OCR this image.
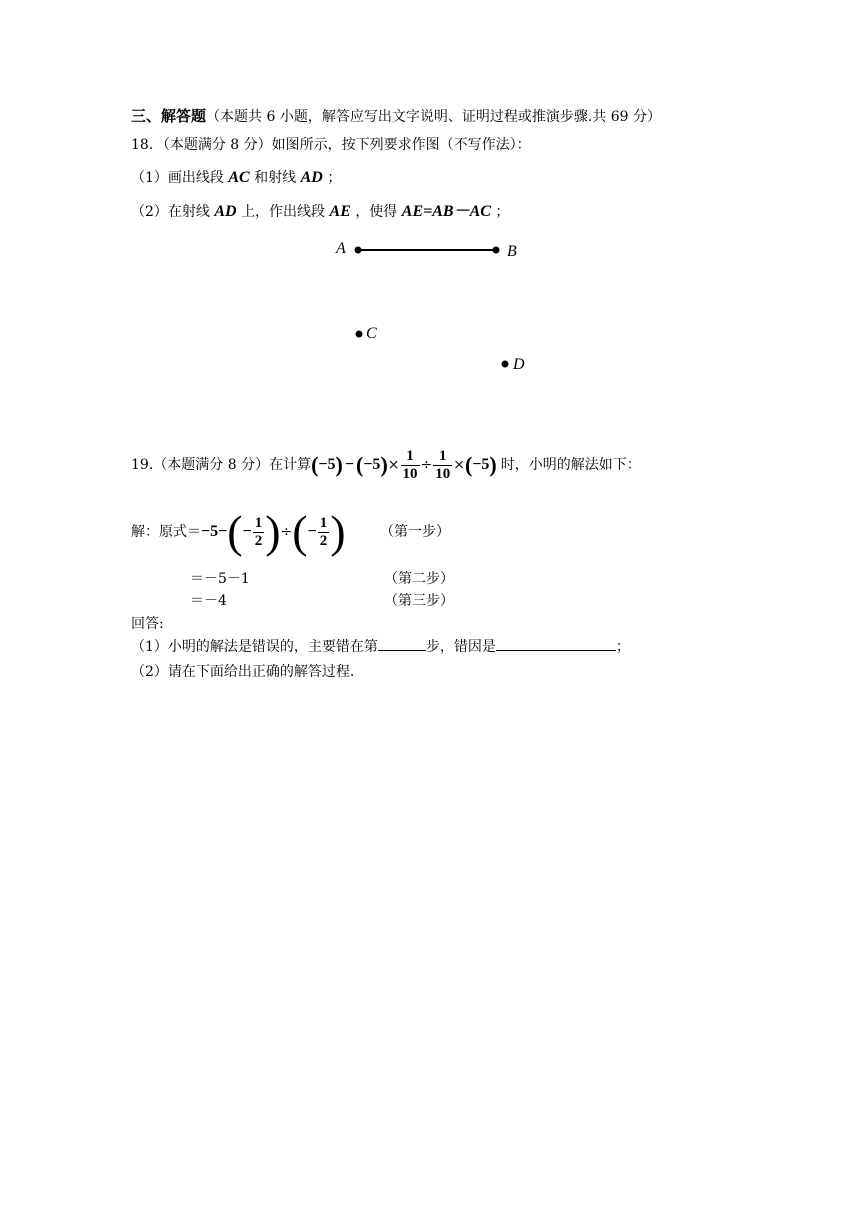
三、解答题（本题共 6 小题，解答应写出文字说明、证明过程或推演步骤.共 69 分）
18．（本题满分 8 分）如图所示，按下列要求作图（不写作法）：
（1）画出线段 AC 和射线 AD ；
（2）在射线 AD 上，作出线段 AE ，使得 AE=AB－AC ；
A	B
C
D
19.（本题满分 8 分）在计算 ( −5 ) − ( −5 ) × $\frac{1}{10} \div \frac{1}{10}$ × ( −5 ) 时，小明的解法如下：
解：原式＝ −5− ( − $\frac{1}{2}$ ) ÷ ( − $\frac{1}{2}$ ) （第一步）
＝－5－1	（第二步）
＝－4	（第三步）
回答:
（1）小明的解法是错误的，主要错在第	步，错因是	；
（2）请在下面给出正确的解答过程.
